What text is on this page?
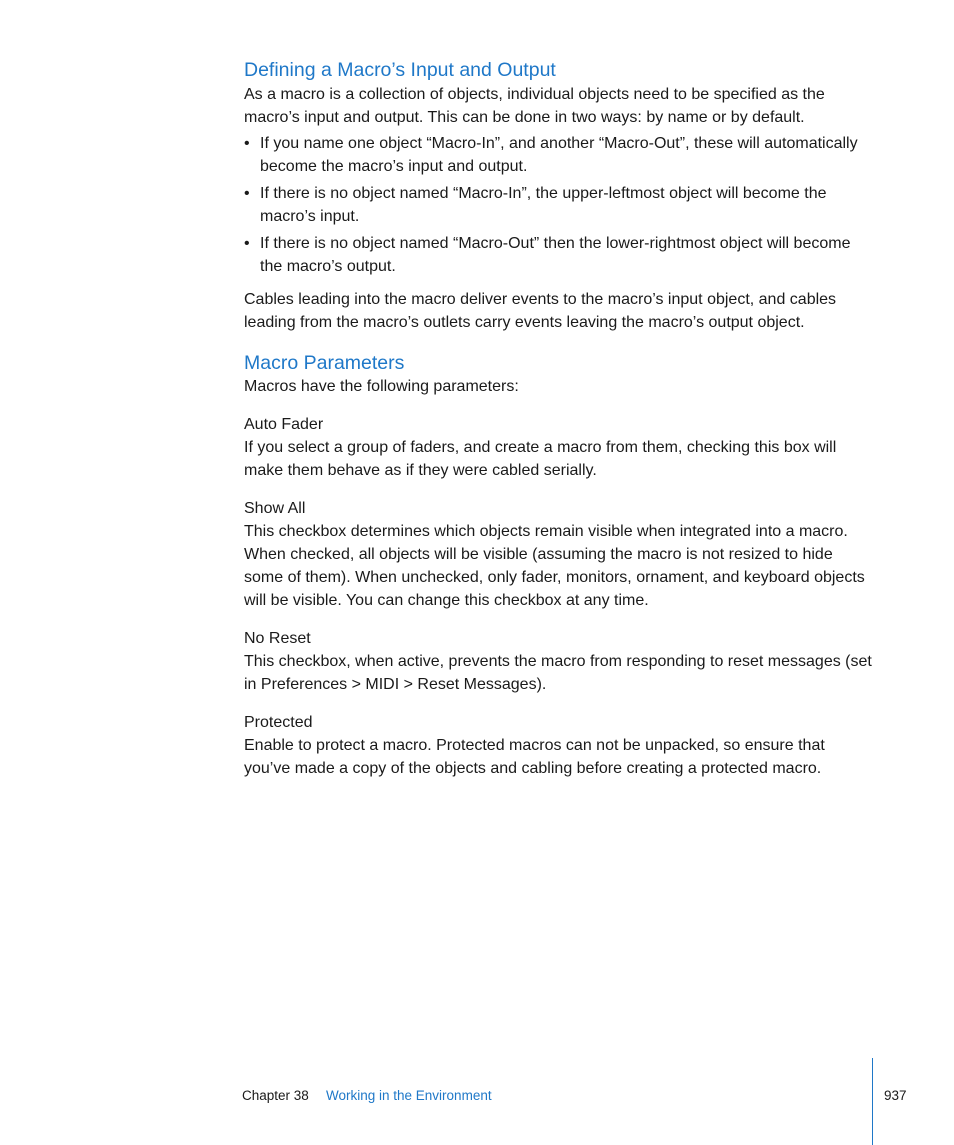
Defining a Macro’s Input and Output

As a macro is a collection of objects, individual objects need to be specified as the macro’s input and output. This can be done in two ways: by name or by default.

• If you name one object “Macro-In”, and another “Macro-Out”, these will automatically become the macro’s input and output.
• If there is no object named “Macro-In”, the upper-leftmost object will become the macro’s input.
• If there is no object named “Macro-Out” then the lower-rightmost object will become the macro’s output.

Cables leading into the macro deliver events to the macro’s input object, and cables leading from the macro’s outlets carry events leaving the macro’s output object.

Macro Parameters

Macros have the following parameters:

Auto Fader

If you select a group of faders, and create a macro from them, checking this box will make them behave as if they were cabled serially.

Show All

This checkbox determines which objects remain visible when integrated into a macro. When checked, all objects will be visible (assuming the macro is not resized to hide some of them). When unchecked, only fader, monitors, ornament, and keyboard objects will be visible. You can change this checkbox at any time.

No Reset

This checkbox, when active, prevents the macro from responding to reset messages (set in Preferences > MIDI > Reset Messages).

Protected

Enable to protect a macro. Protected macros can not be unpacked, so ensure that you’ve made a copy of the objects and cabling before creating a protected macro.

Chapter 38 Working in the Environment	937
